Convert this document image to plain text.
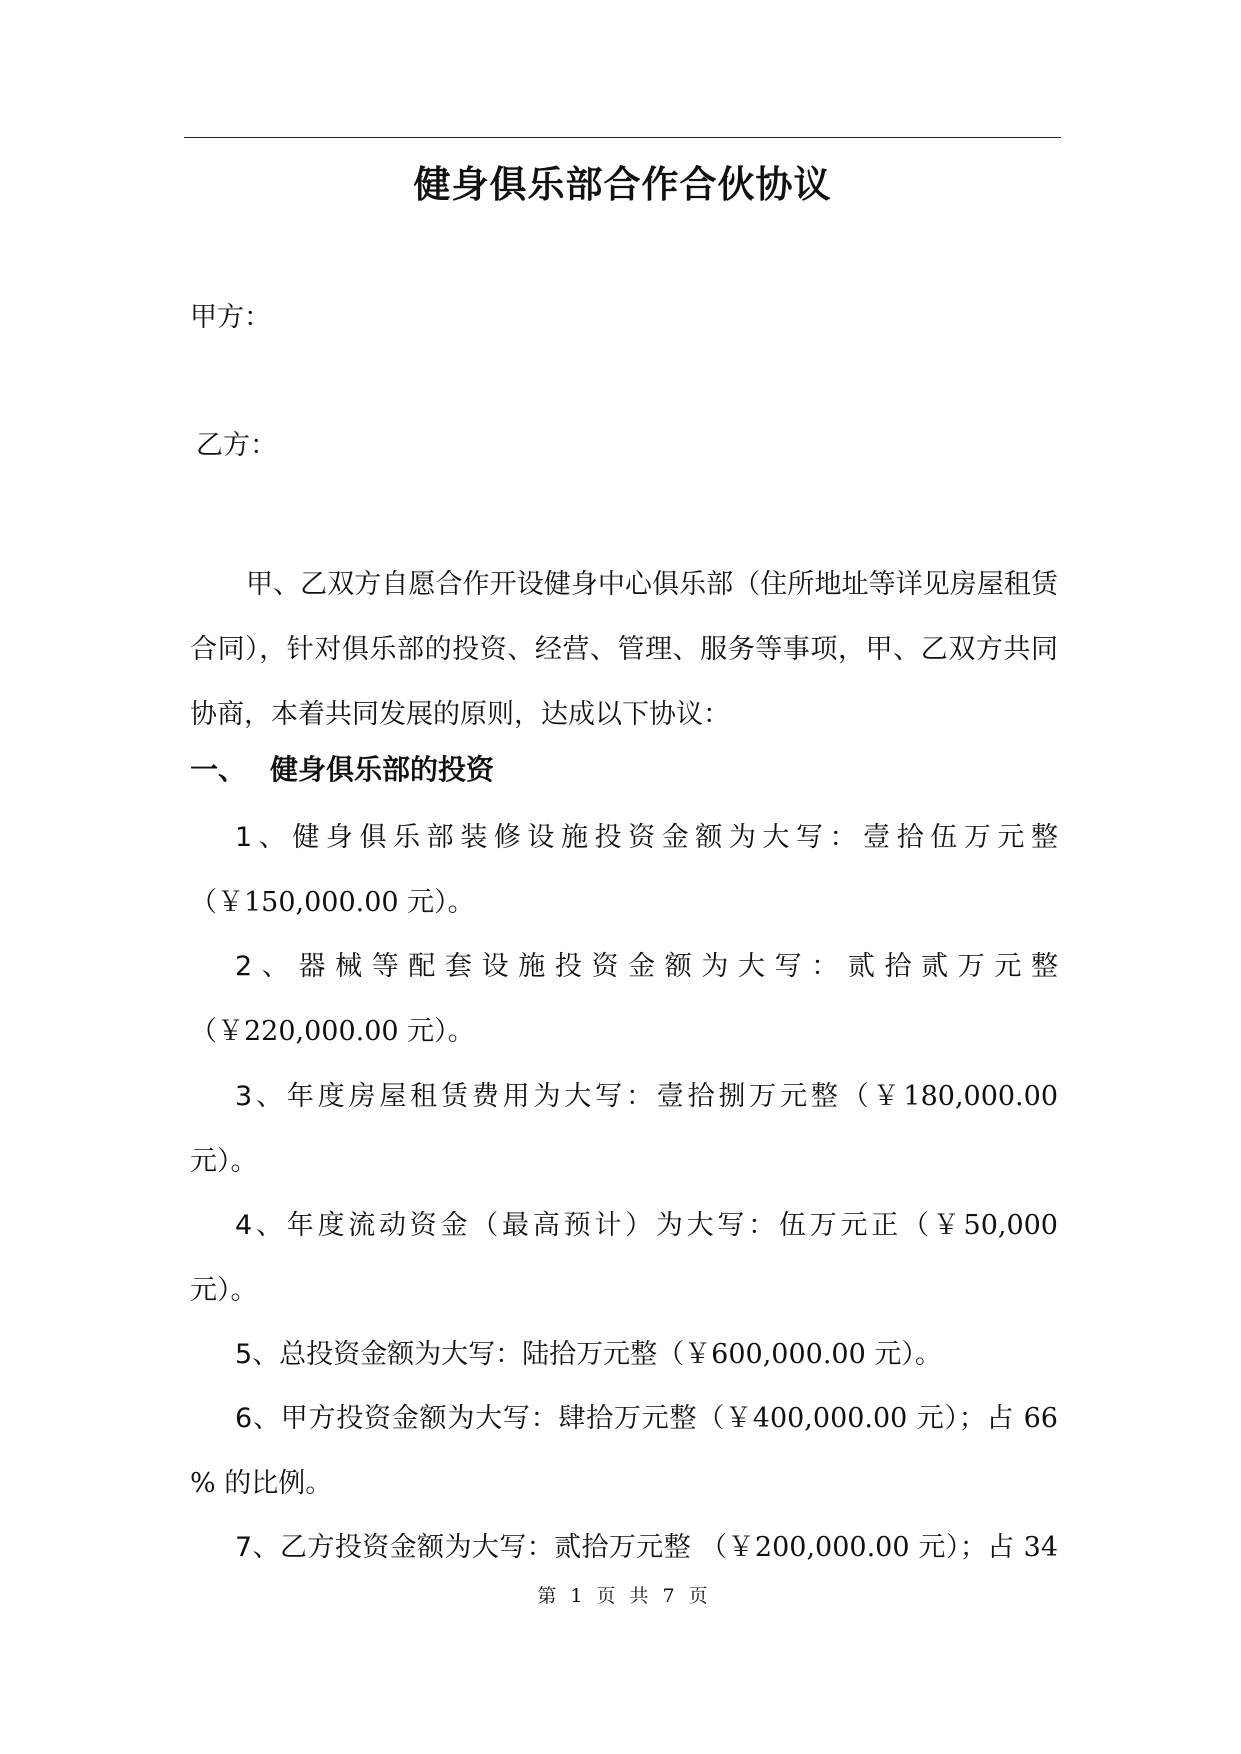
健身俱乐部合作合伙协议
甲方：
乙方：
甲、乙双方自愿合作开设健身中心俱乐部（住所地址等详见房屋租赁合同），针对俱乐部的投资、经营、管理、服务等事项，甲、乙双方共同协商，本着共同发展的原则，达成以下协议：
一、 健身俱乐部的投资
1、健身俱乐部装修设施投资金额为大写：壹拾伍万元整
（￥150,000.00 元）。
2、器械等配套设施投资金额为大写：贰拾贰万元整
（￥220,000.00 元）。
3、年度房屋租赁费用为大写：壹拾捌万元整（￥180,000.00
元）。
4、年度流动资金（最高预计）为大写：伍万元正（￥50,000
元）。
5、总投资金额为大写：陆拾万元整（￥600,000.00 元）。
6、甲方投资金额为大写：肆拾万元整（￥400,000.00 元）；占 66
% 的比例。
7、乙方投资金额为大写：贰拾万元整 （￥200,000.00 元）；占 34
第 1 页 共 7 页
